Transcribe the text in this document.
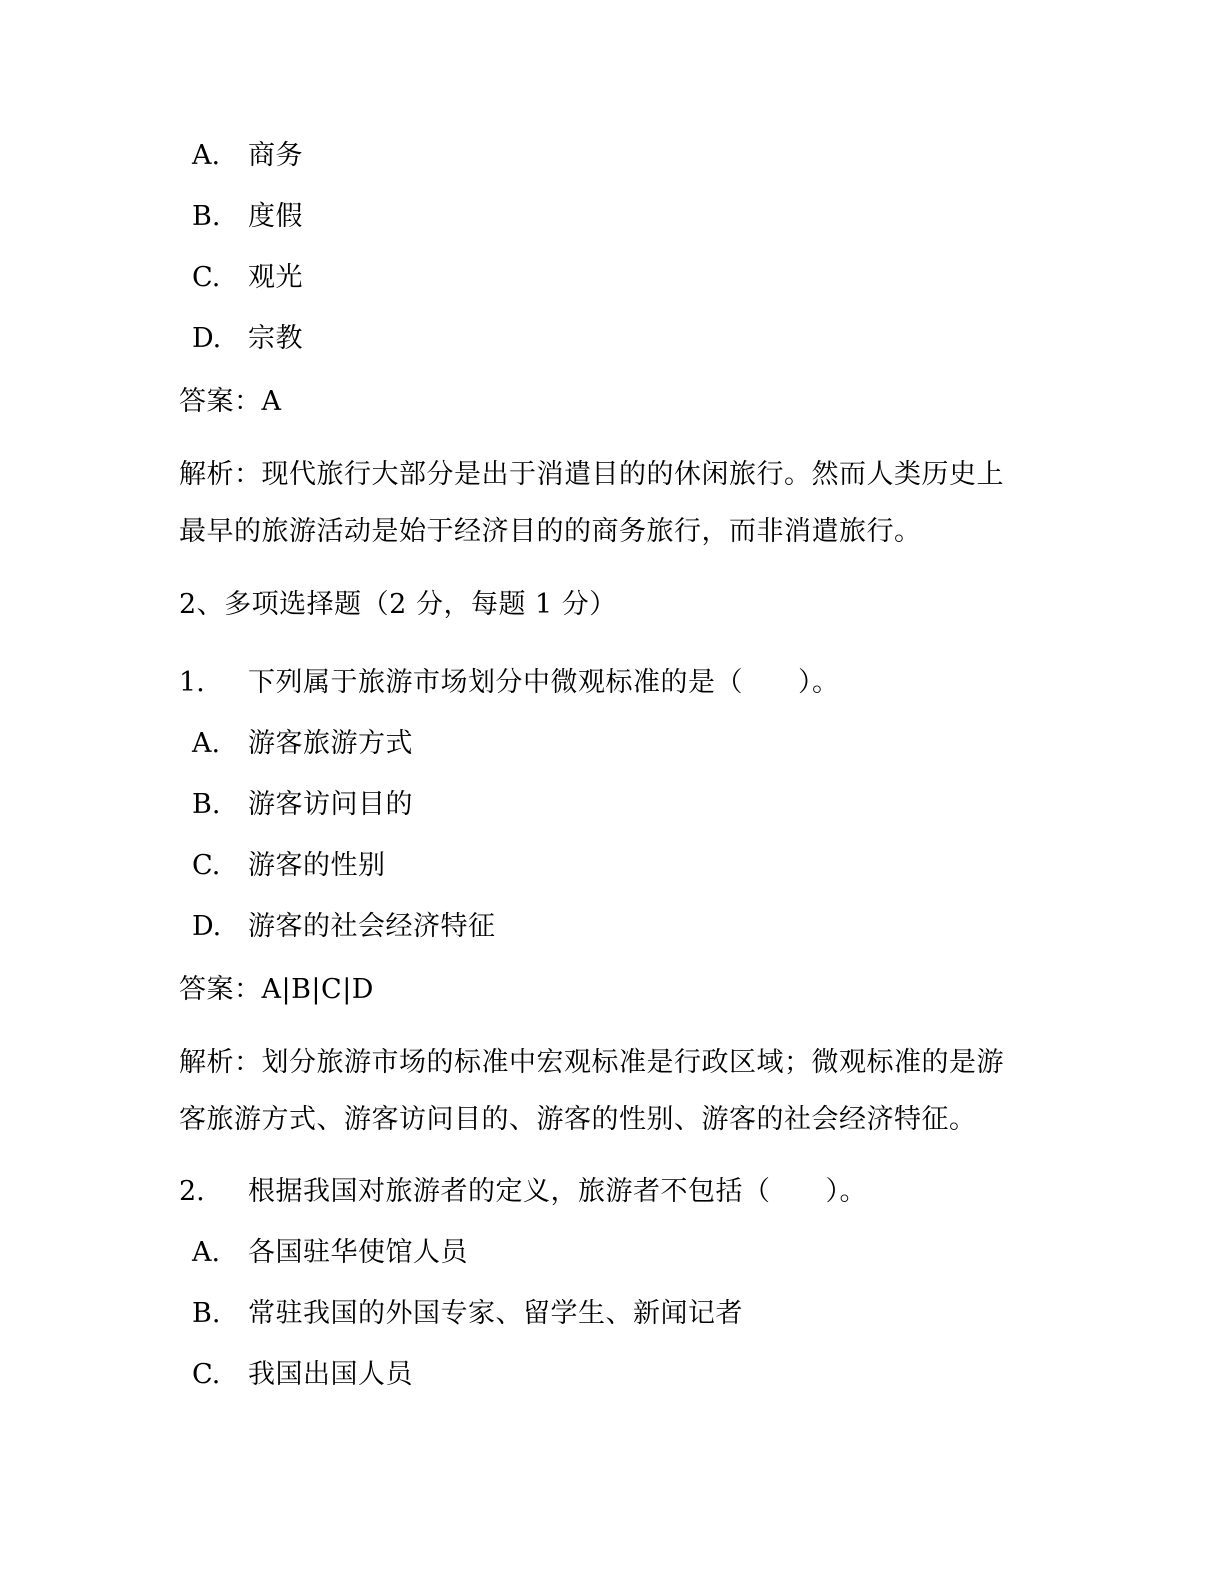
A.	商务
B.	度假
C.	观光
D. 宗教
答案：A
解析：现代旅行大部分是出于消遣目的的休闲旅行。然而人类历史上
最早的旅游活动是始于经济目的的商务旅行，而非消遣旅行。
2、多项选择题（2 分，每题 1 分）
1. 下列属于旅游市场划分中微观标准的是（　　）。
A.	游客旅游方式
B.	游客访问目的
C.	游客的性别
D. 游客的社会经济特征
答案：A|B|C|D
解析：划分旅游市场的标准中宏观标准是行政区域；微观标准的是游
客旅游方式、游客访问目的、游客的性别、游客的社会经济特征。
2. 根据我国对旅游者的定义，旅游者不包括（　　）。
A.	各国驻华使馆人员
B.	常驻我国的外国专家、留学生、新闻记者
C.	我国出国人员
